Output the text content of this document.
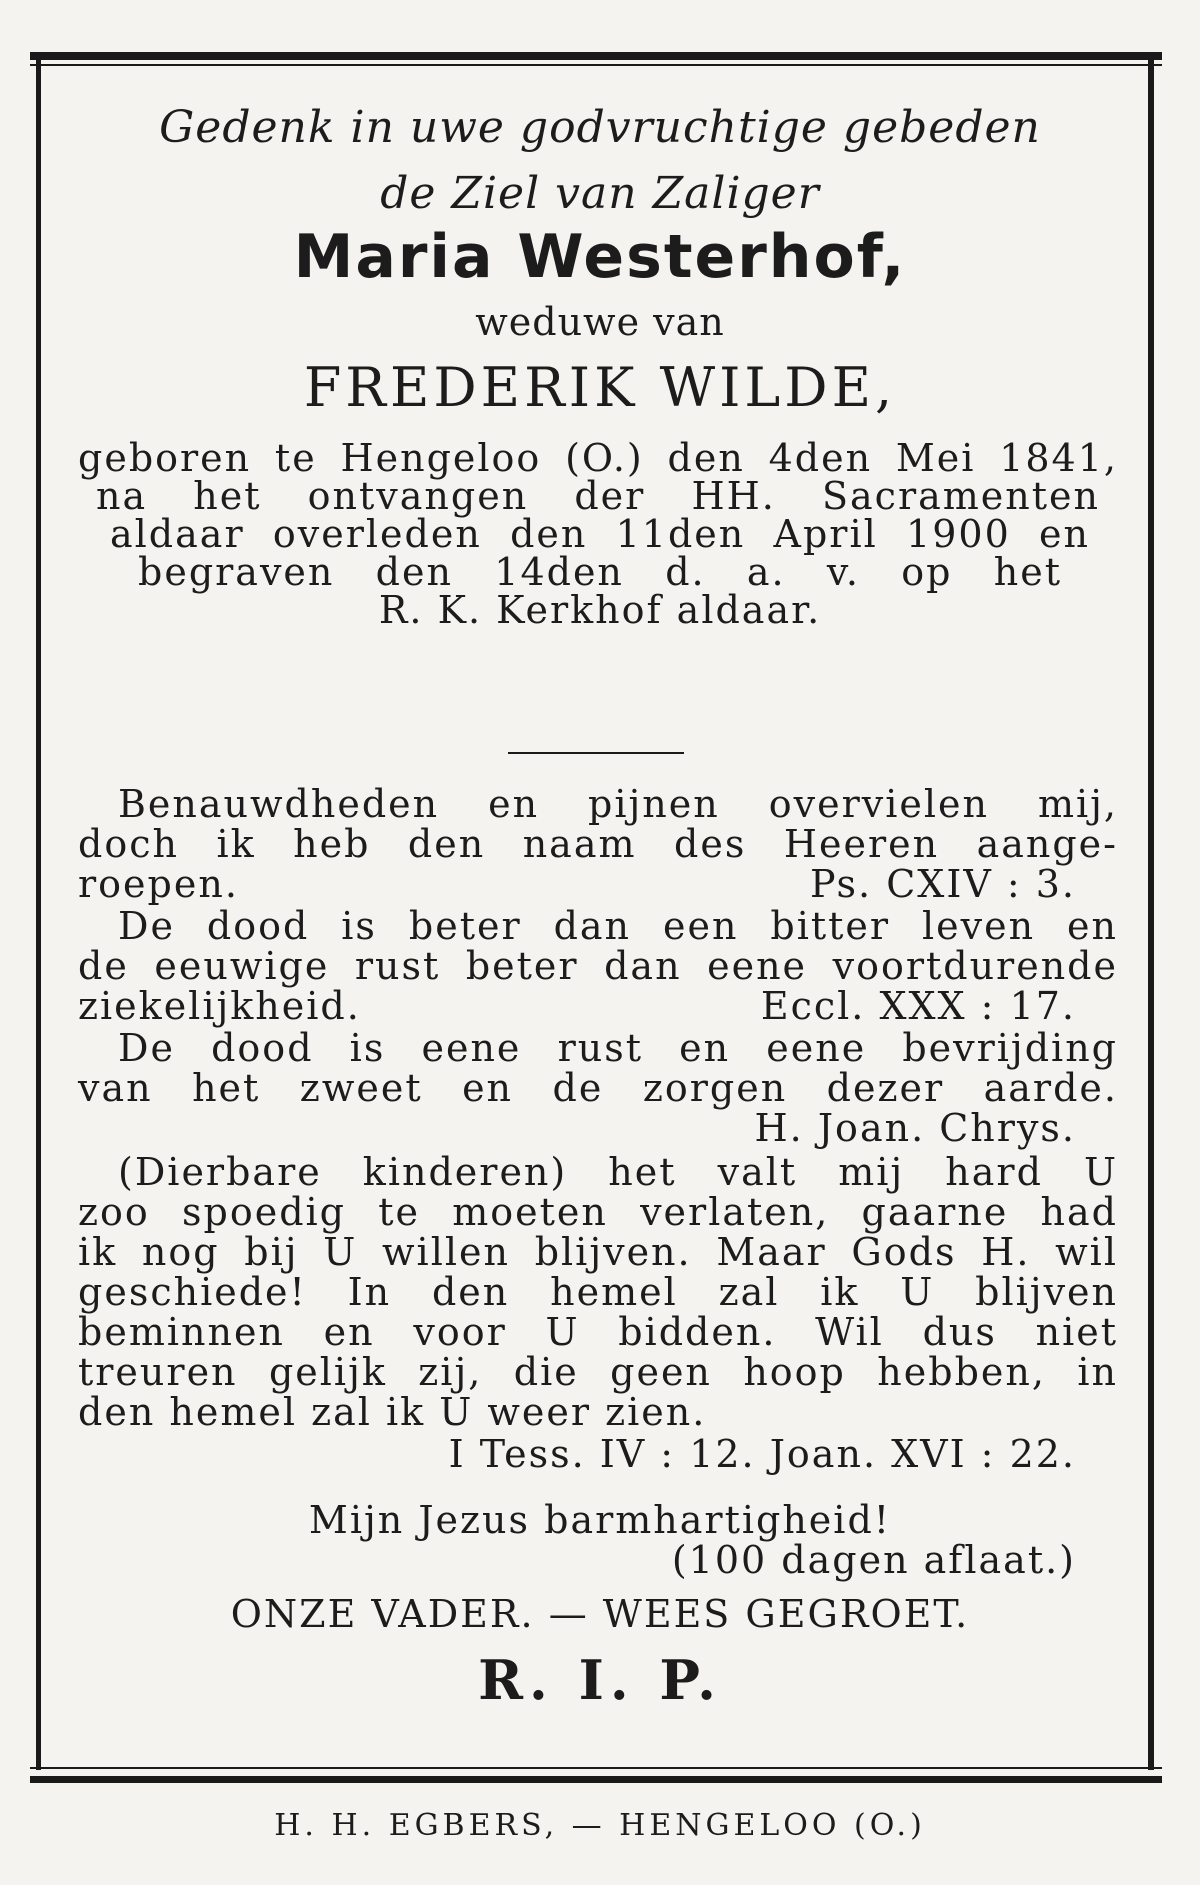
Gedenk in uwe godvruchtige gebeden
de Ziel van Zaliger
Maria Westerhof,
weduwe van
FREDERIK WILDE,
geboren te Hengeloo (O.) den 4den Mei 1841,
na het ontvangen der HH. Sacramenten
aldaar overleden den 11den April 1900 en
begraven den 14den d. a. v. op het
R. K. Kerkhof aldaar.
Benauwdheden en pijnen overvielen mij,
doch ik heb den naam des Heeren aange-
roepen.	Ps. CXIV : 3.
De dood is beter dan een bitter leven en
de eeuwige rust beter dan eene voortdurende
ziekelijkheid.	Eccl. XXX : 17.
De dood is eene rust en eene bevrijding
van het zweet en de zorgen dezer aarde.
H. Joan. Chrys.
(Dierbare kinderen) het valt mij hard U
zoo spoedig te moeten verlaten, gaarne had
ik nog bij U willen blijven. Maar Gods H. wil
geschiede! In den hemel zal ik U blijven
beminnen en voor U bidden. Wil dus niet
treuren gelijk zij, die geen hoop hebben, in
den hemel zal ik U weer zien.
I Tess. IV : 12. Joan. XVI : 22.
Mijn Jezus barmhartigheid!
(100 dagen aflaat.)
ONZE VADER. — WEES GEGROET.
R. I. P.
H. H. EGBERS, — HENGELOO (O.)
